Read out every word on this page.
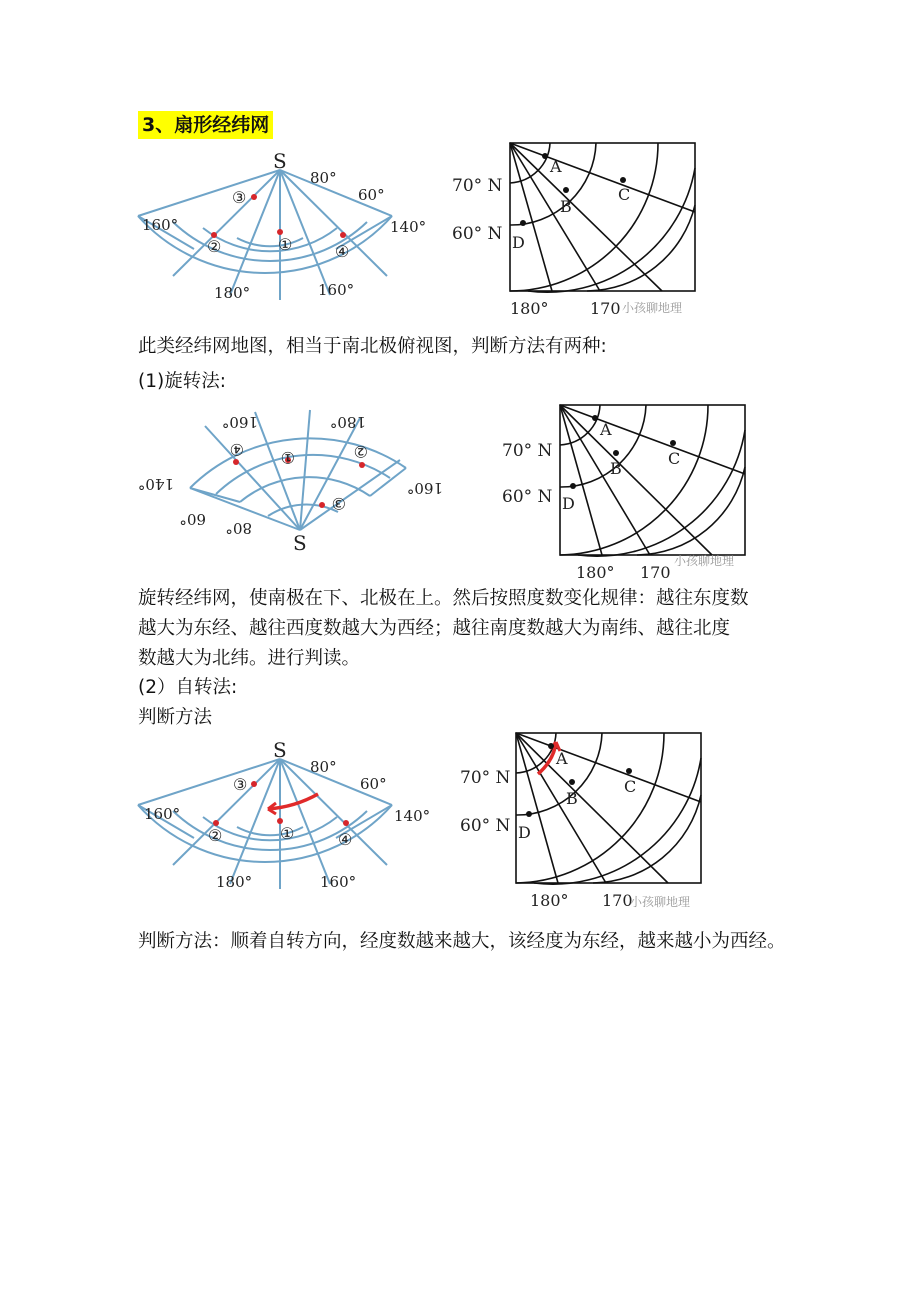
3、扇形经纬网
S
80°
60°
160°	140°
180°	160°
①
②
③
④
70° N
60° N
A
B
C
D
180°	170 小孩聊地理
此类经纬网地图，相当于南北极俯视图，判断方法有两种:
(1)旋转法:
S
80°
60°
140°
160°	180°
160°
①
④
③
②	70° N
60° N
A
B
C
D
180° 170
小孩聊地理
旋转经纬网，使南极在下、北极在上。然后按照度数变化规律：越往东度数
越大为东经、越往西度数越大为西经；越往南度数越大为南纬、越往北度
数越大为北纬。进行判读。
(2）自转法:
判断方法
S
80°
60°
160°	140°
180°	160°
①
②
③
④
70° N
60° N
A
B
C
D
180° 170
小孩聊地理
判断方法：顺着自转方向，经度数越来越大，该经度为东经，越来越小为西经。
